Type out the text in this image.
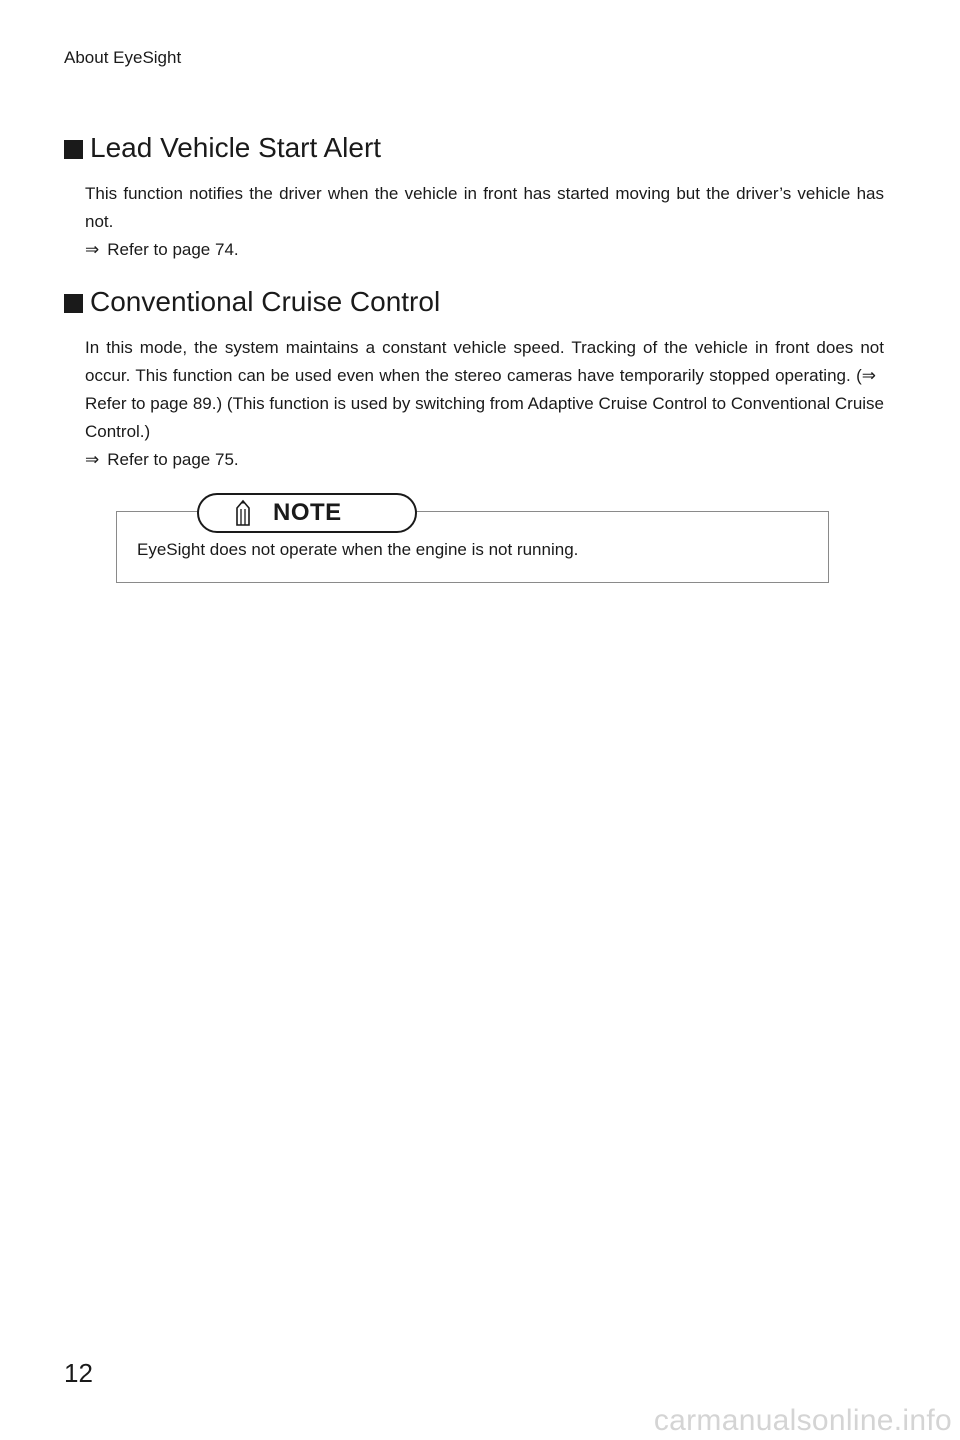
About EyeSight
Lead Vehicle Start Alert

This function notifies the driver when the vehicle in front has started moving but the driver’s vehicle has not.

⇒ Refer to page 74.

Conventional Cruise Control

In this mode, the system maintains a constant vehicle speed. Tracking of the vehicle in front does not occur. This function can be used even when the stereo cameras have temporarily stopped operating. (⇒Refer to page 89.) (This function is used by switching from Adaptive Cruise Control to Conventional Cruise Control.)

⇒ Refer to page 75.

NOTE
EyeSight does not operate when the engine is not running.
12
carmanualsonline.info
